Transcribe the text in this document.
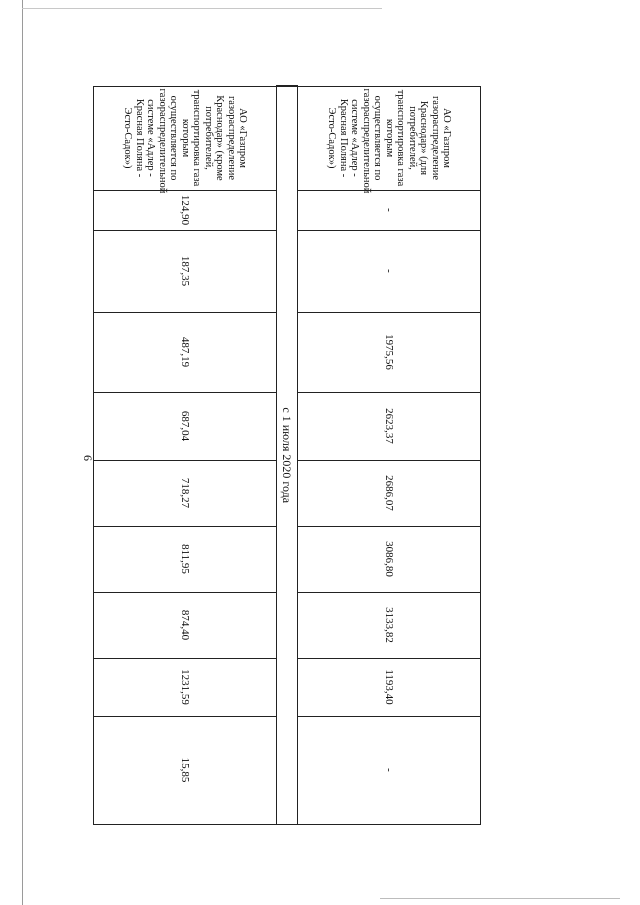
6
АО «Газпром газораспределение Краснодар» (для потребителей, транспортировка газа которым осуществляется по газораспределительной системе «Адлер - Красная Поляна - Эсто-Садок»)	-	-	1975,56	2623,37	2686,07	3086,80	3133,82	1193,40	-
с 1 июля 2020 года									
АО «Газпром газораспределение Краснодар» (кроме потребителей, транспортировка газа которым осуществляется по газораспределительной системе «Адлер - Красная Поляна - Эсто-Садок»)	124,90	187,35	487,19	687,04	718,27	811,95	874,40	1231,59	15,85
